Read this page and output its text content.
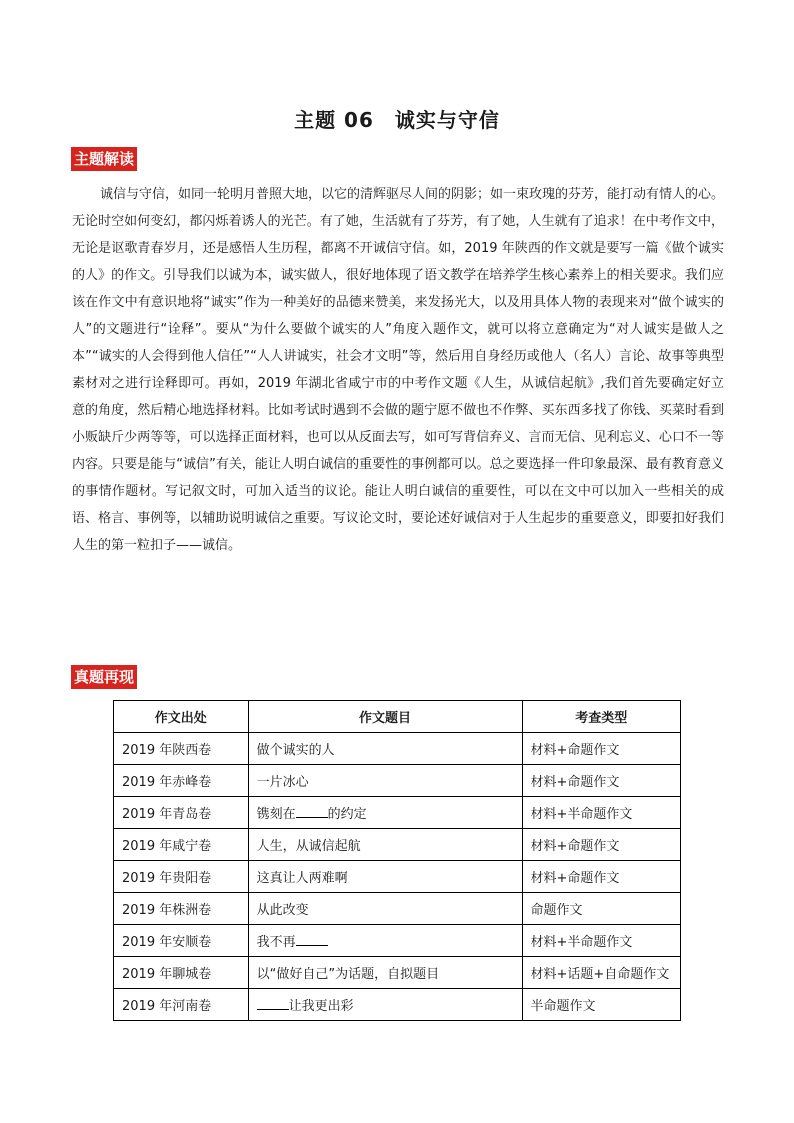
主题 06　诚实与守信
主题解读

诚信与守信，如同一轮明月普照大地，以它的清辉驱尽人间的阴影；如一束玫瑰的芬芳，能打动有情人的心。无论时空如何变幻，都闪烁着诱人的光芒。有了她，生活就有了芬芳，有了她，人生就有了追求！在中考作文中，无论是讴歌青春岁月，还是感悟人生历程，都离不开诚信守信。如，2019 年陕西的作文就是要写一篇《做个诚实的人》的作文。引导我们以诚为本，诚实做人，很好地体现了语文教学在培养学生核心素养上的相关要求。我们应该在作文中有意识地将“诚实”作为一种美好的品德来赞美，来发扬光大，以及用具体人物的表现来对“做个诚实的人”的文题进行“诠释”。要从“为什么要做个诚实的人”角度入题作文，就可以将立意确定为“对人诚实是做人之本”“诚实的人会得到他人信任”“人人讲诚实，社会才文明”等，然后用自身经历或他人（名人）言论、故事等典型素材对之进行诠释即可。再如，2019 年湖北省咸宁市的中考作文题《人生，从诚信起航》,我们首先要确定好立意的角度，然后精心地选择材料。比如考试时遇到不会做的题宁愿不做也不作弊、买东西多找了你钱、买菜时看到小贩缺斤少两等等，可以选择正面材料，也可以从反面去写，如可写背信弃义、言而无信、见利忘义、心口不一等内容。只要是能与“诚信”有关，能让人明白诚信的重要性的事例都可以。总之要选择一件印象最深、最有教育意义的事情作题材。写记叙文时，可加入适当的议论。能让人明白诚信的重要性，可以在文中可以加入一些相关的成语、格言、事例等，以辅助说明诚信之重要。写议论文时，要论述好诚信对于人生起步的重要意义，即要扣好我们人生的第一粒扣子——诚信。

真题再现
作文出处	作文题目	考查类型
2019 年陕西卷	做个诚实的人	材料+命题作文
2019 年赤峰卷	一片冰心	材料+命题作文
2019 年青岛卷	镌刻在 的约定	材料+半命题作文
2019 年咸宁卷	人生，从诚信起航	材料+命题作文
2019 年贵阳卷	这真让人两难啊	材料+命题作文
2019 年株洲卷	从此改变	命题作文
2019 年安顺卷	我不再	材料+半命题作文
2019 年聊城卷	以“做好自己”为话题，自拟题目	材料+话题+自命题作文
2019 年河南卷	让我更出彩	半命题作文
